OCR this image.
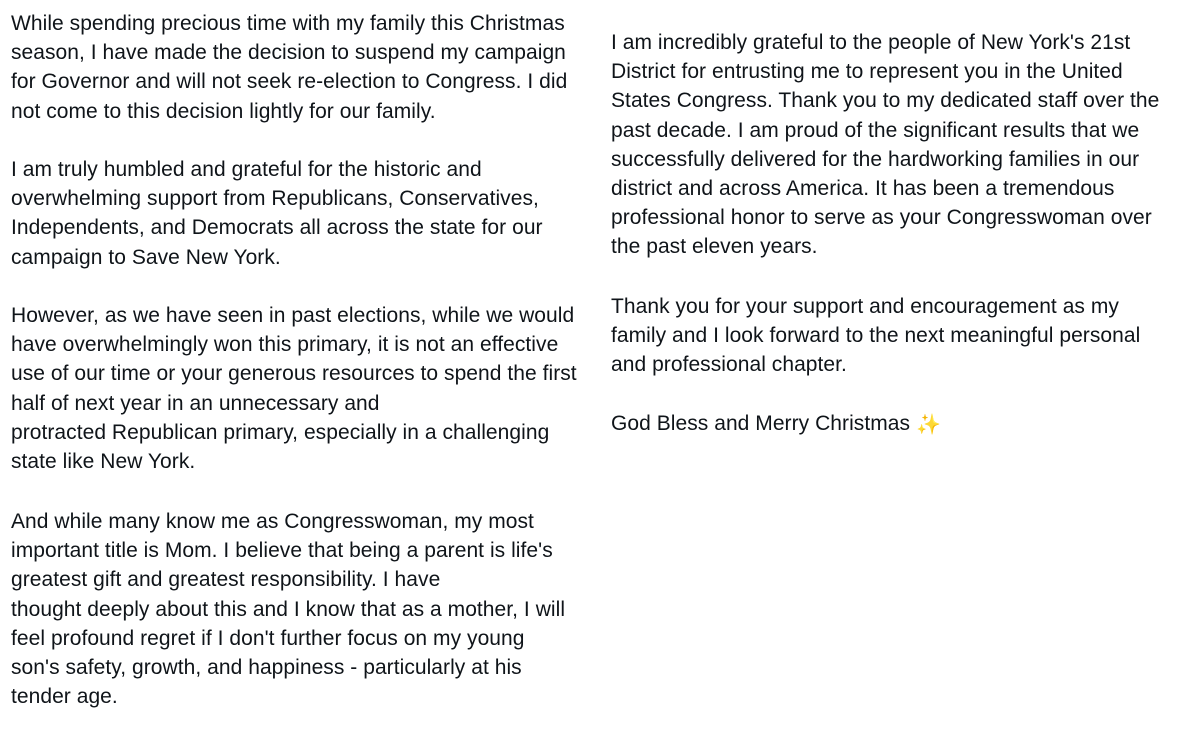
While spending precious time with my family this Christmas
season, I have made the decision to suspend my campaign
for Governor and will not seek re-election to Congress. I did
not come to this decision lightly for our family.

I am truly humbled and grateful for the historic and
overwhelming support from Republicans, Conservatives,
Independents, and Democrats all across the state for our
campaign to Save New York.

However, as we have seen in past elections, while we would
have overwhelmingly won this primary, it is not an effective
use of our time or your generous resources to spend the first
half of next year in an unnecessary and
protracted Republican primary, especially in a challenging
state like New York.

And while many know me as Congresswoman, my most
important title is Mom. I believe that being a parent is life's
greatest gift and greatest responsibility. I have
thought deeply about this and I know that as a mother, I will
feel profound regret if I don't further focus on my young
son's safety, growth, and happiness - particularly at his
tender age.

I am incredibly grateful to the people of New York's 21st
District for entrusting me to represent you in the United
States Congress. Thank you to my dedicated staff over the
past decade. I am proud of the significant results that we
successfully delivered for the hardworking families in our
district and across America. It has been a tremendous
professional honor to serve as your Congresswoman over
the past eleven years.

Thank you for your support and encouragement as my
family and I look forward to the next meaningful personal
and professional chapter.

God Bless and Merry Christmas ✨
